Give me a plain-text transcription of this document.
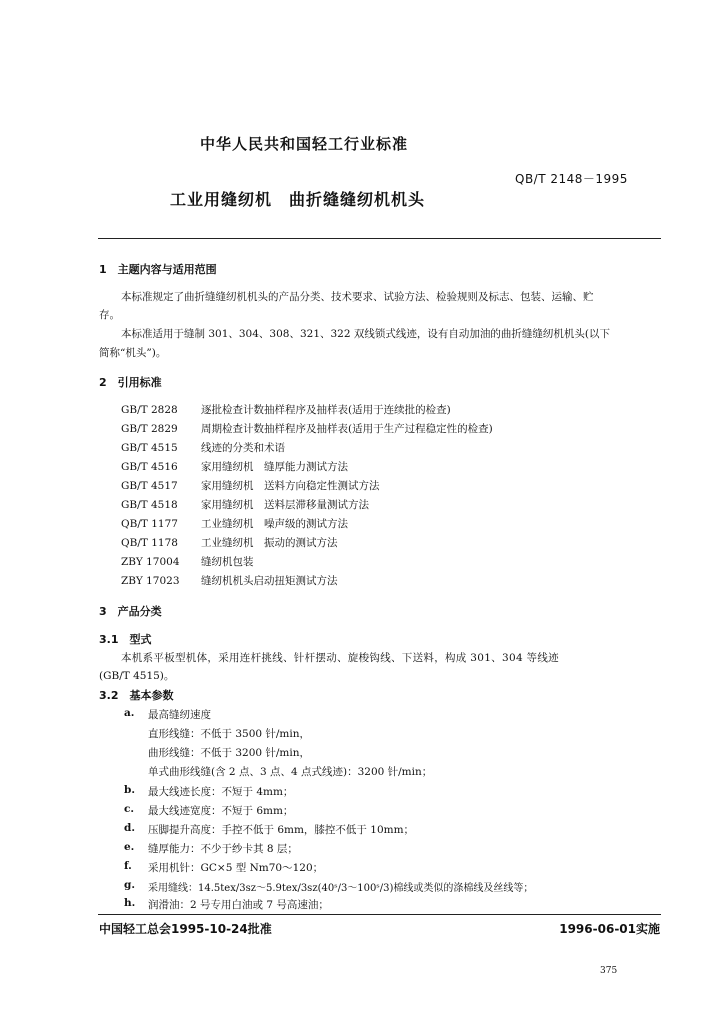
中华人民共和国轻工行业标准
QB/T 2148－1995
工业用缝纫机　曲折缝缝纫机机头
1　主题内容与适用范围
本标准规定了曲折缝缝纫机机头的产品分类、技术要求、试验方法、检验规则及标志、包装、运输、贮
存。
本标准适用于缝制 301、304、308、321、322 双线锁式线迹，设有自动加油的曲折缝缝纫机机头(以下
简称“机头”)。
2　引用标准
GB/T 2828 逐批检查计数抽样程序及抽样表(适用于连续批的检查)
GB/T 2829 周期检查计数抽样程序及抽样表(适用于生产过程稳定性的检查)
GB/T 4515 线迹的分类和术语
GB/T 4516 家用缝纫机　缝厚能力测试方法
GB/T 4517 家用缝纫机　送料方向稳定性测试方法
GB/T 4518 家用缝纫机　送料层滞移量测试方法
QB/T 1177 工业缝纫机　噪声级的测试方法
QB/T 1178 工业缝纫机　振动的测试方法
ZBY 17004 缝纫机包装
ZBY 17023 缝纫机机头启动扭矩测试方法
3　产品分类
3.1　型式
本机系平板型机体，采用连杆挑线、针杆摆动、旋梭钩线、下送料，构成 301、304 等线迹
(GB/T 4515)。
3.2　基本参数
a. 最高缝纫速度
直形线缝：不低于 3500 针/min，
曲形线缝：不低于 3200 针/min，
单式曲形线缝(含 2 点、3 点、4 点式线迹)：3200 针/min；
b. 最大线迹长度：不短于 4mm；
c. 最大线迹宽度：不短于 6mm；
d. 压脚提升高度：手控不低于 6mm，膝控不低于 10mm；
e. 缝厚能力：不少于纱卡其 8 层；
f. 采用机针：GC×5 型 Nm70～120；
g. 采用缝线：14.5tex/3sz～5.9tex/3sz(40ˢ/3～100ˢ/3)棉线或类似的涤棉线及丝线等；
h. 润滑油：2 号专用白油或 7 号高速油；
中国轻工总会1995-10-24批准	1996-06-01实施
375
